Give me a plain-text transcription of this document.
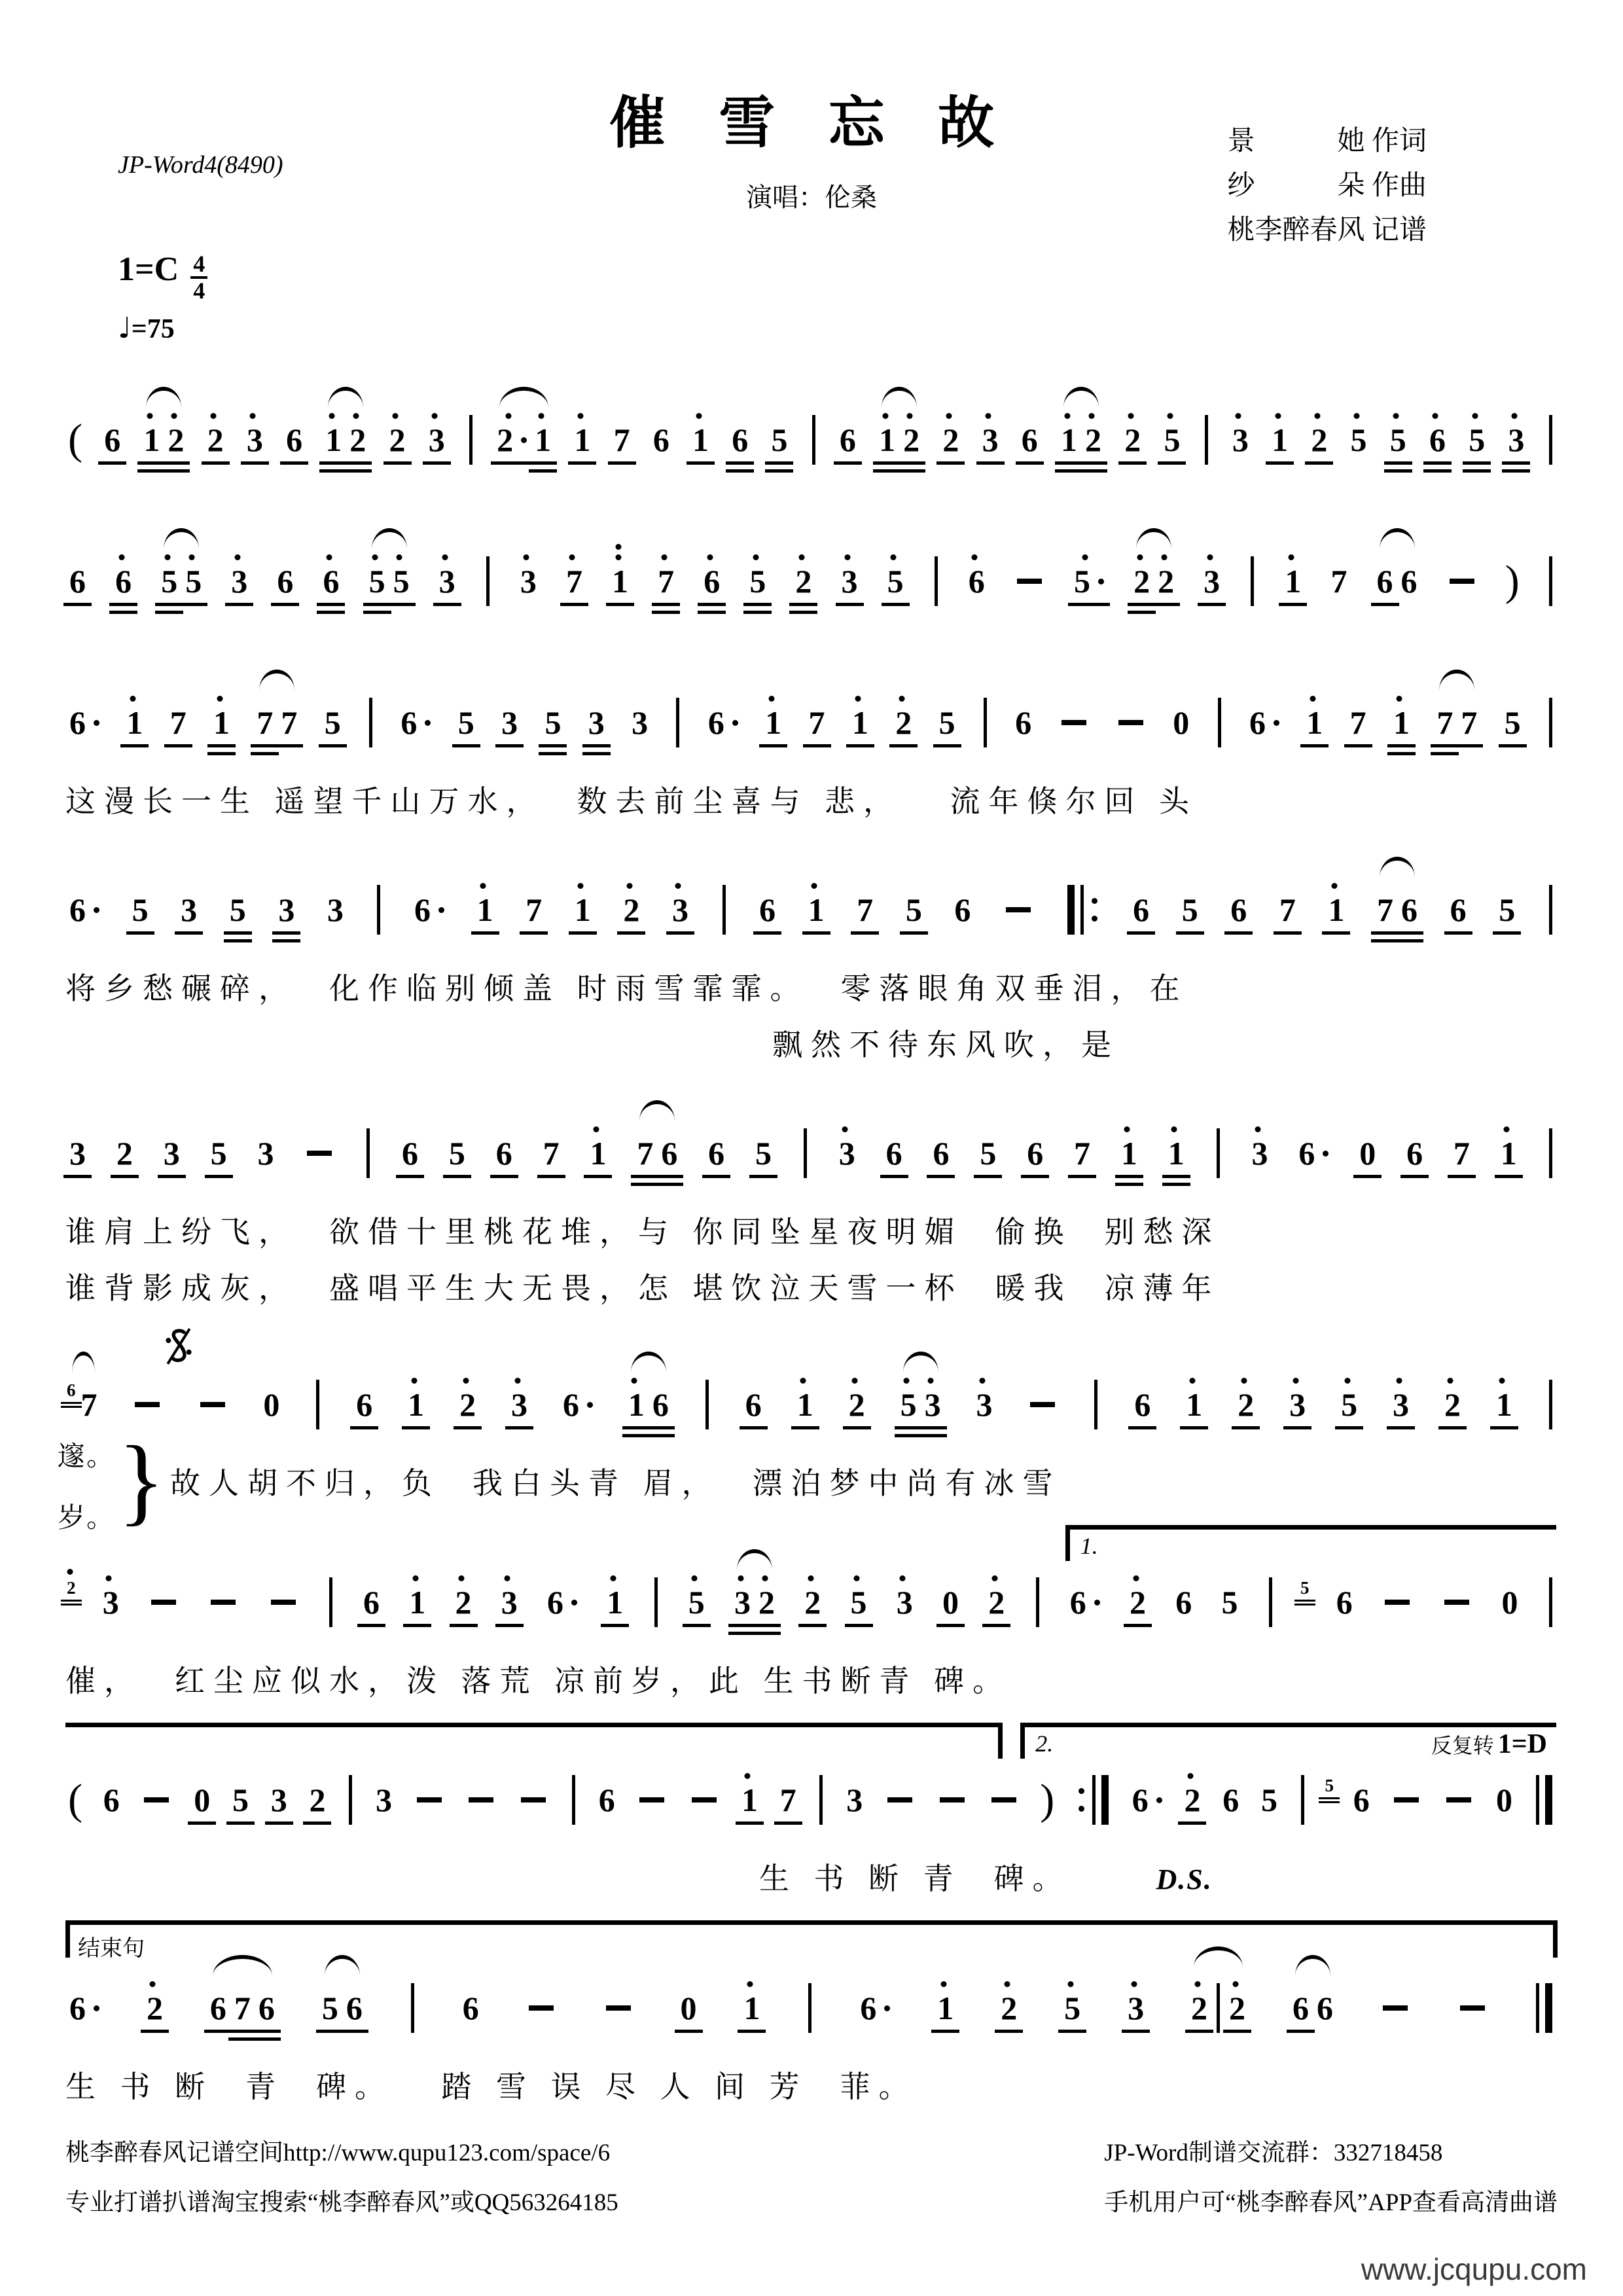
JP-Word4(8490)
催 雪 忘 故
演唱：伦桑
景　　　她 作词
纱　　　朵 作曲
桃李醉春风 记谱
$1=C \frac{4}{4}$
♩=75
( 6 1 2 2 3 6 1 2 2 3 2 1 1 7 6 1 6 5 6 1 2 2 3 6 1 2 2 5 3 1 2 5 5 6 5 3
6 6 5 5 3 6 6 5 5 3 3 7 1 7 6 5 2 3 5 6	5 2 2 3 1 7 6 6 )
6 1 7 1 7 7 5 6 5 3 5 3 3 6 1 7 1 2 5 6	0 6 1 7 1 7 7 5
这漫长一生 遥望千山万水，  数去前尘喜与 悲，   流年倏尔回 头
6 5 3 5 3 3 6 1 7 1 2 3 6 1 7 5 6	6 5 6 7 1 7 6 6 5
将乡愁碾碎，  化作临别倾盖 时雨雪霏霏。  零落眼角双垂泪，在
飘然不待东风吹，是
3 2 3 5 3	6 5 6 7 1 7 6 6 5 3 6 6 5 6 7 1 1 3 6 0 6 7 1
谁肩上纷飞，  欲借十里桃花堆，与 你同坠星夜明媚  偷换  别愁深
谁背影成灰，  盛唱平生大无畏，怎 堪饮泣天雪一杯  暖我  凉薄年
邃。
岁。 }
6 7	0 6 1 2 3 6 1 6 6 1 2 5 3 3	6 1 2 3 5 3 2 1
故人胡不归，负  我白头青 眉，  漂泊梦中尚有冰雪
1.
2 3	6 1 2 3 6 1 5 3 2 2 5 3 0 2 6 2 6 5	5 6	0
催，  红尘应似水，泼 落荒 凉前岁，此 生书断青 碑。
2.	反复转 1=D
( 6 0 5 3 2 3	6	1 7 3	) 6 2 6 5	5 6	0
生 书 断 青  碑。	D.S.
结束句
6 2 6 7 6 5 6	6	0 1	6 1 2 5 3 2 2 6 6
生 书 断  青  碑。   踏 雪 误 尽 人 间 芳  菲。
桃李醉春风记谱空间http://www.qupu123.com/space/6
专业打谱扒谱淘宝搜索“桃李醉春风”或QQ563264185
JP-Word制谱交流群：332718458
手机用户可“桃李醉春风”APP查看高清曲谱
www.jcqupu.com
